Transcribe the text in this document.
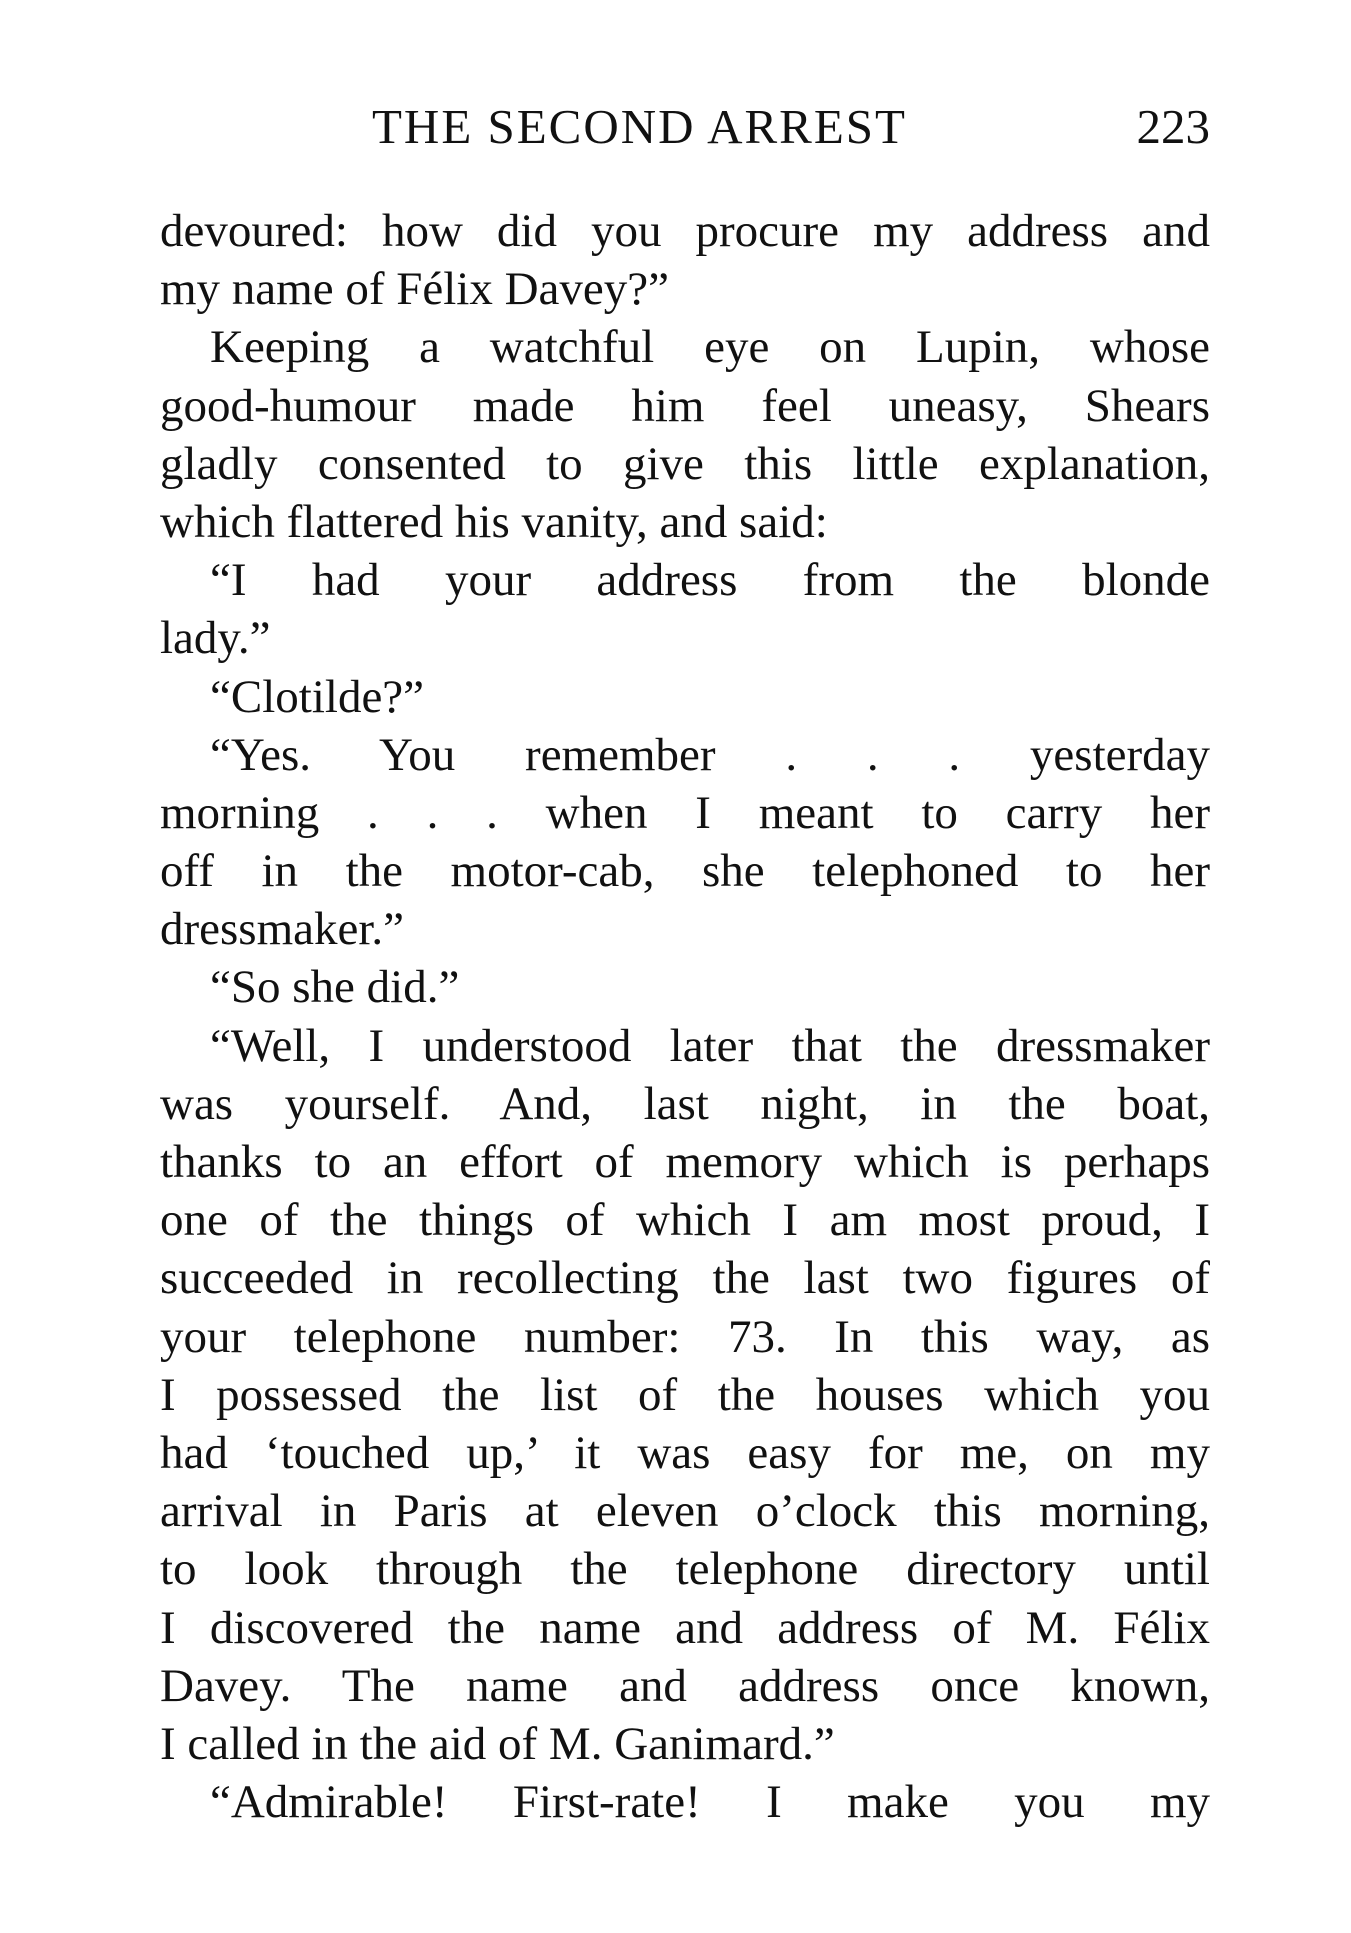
THE SECOND ARREST	223
devoured: how did you procure my address and
my name of Félix Davey?”
Keeping a watchful eye on Lupin, whose
good-humour made him feel uneasy, Shears
gladly consented to give this little explanation,
which flattered his vanity, and said:
“I had your address from the blonde
lady.”
“Clotilde?”
“Yes. You remember . . . yesterday
morning . . . when I meant to carry her
off in the motor-cab, she telephoned to her
dressmaker.”
“So she did.”
“Well, I understood later that the dressmaker
was yourself. And, last night, in the boat,
thanks to an effort of memory which is perhaps
one of the things of which I am most proud, I
succeeded in recollecting the last two figures of
your telephone number: 73. In this way, as
I possessed the list of the houses which you
had ‘touched up,’ it was easy for me, on my
arrival in Paris at eleven o’clock this morning,
to look through the telephone directory until
I discovered the name and address of M. Félix
Davey. The name and address once known,
I called in the aid of M. Ganimard.”
“Admirable! First-rate! I make you my
